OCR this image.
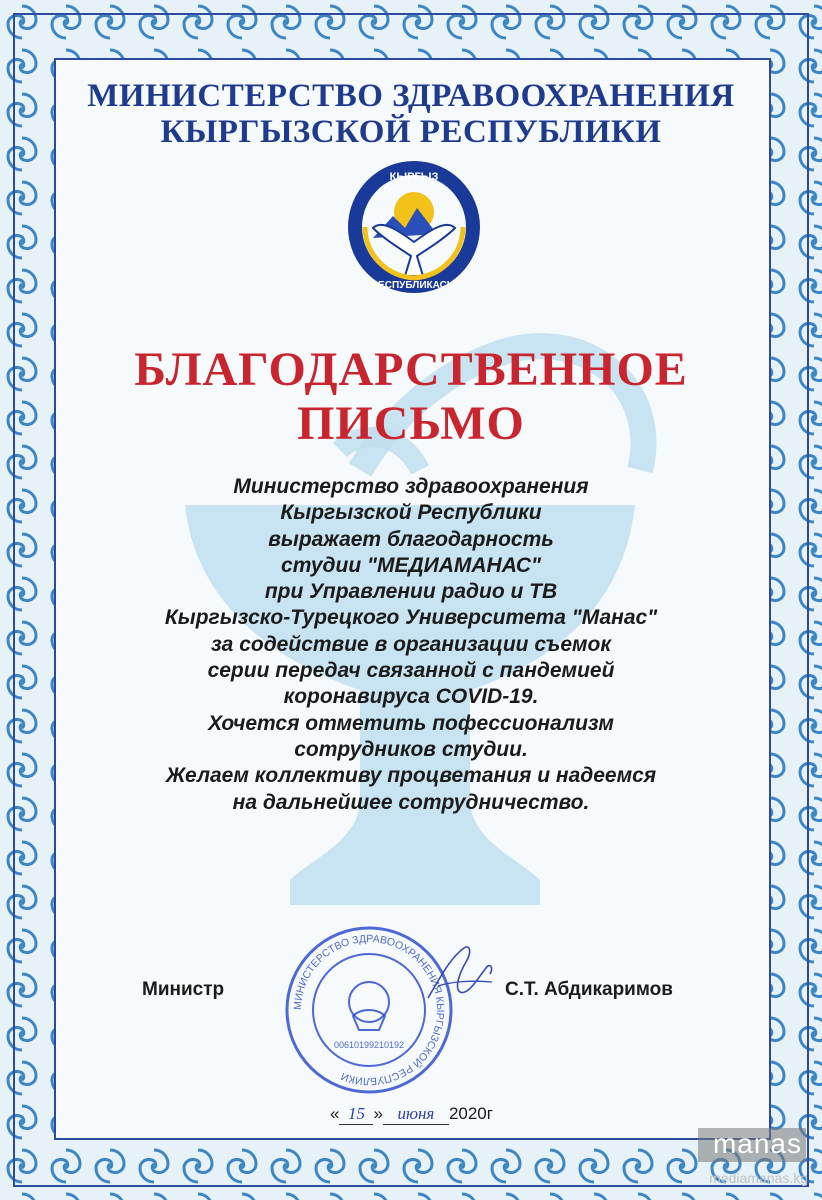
МИНИСТЕРСТВО ЗДРАВООХРАНЕНИЯ
КЫРГЫЗСКОЙ РЕСПУБЛИКИ
КЫРГЫЗ
РЕСПУБЛИКАСЫ
БЛАГОДАРСТВЕННОЕ
ПИСЬМО
Министерство здравоохранения
Кыргызской Республики
выражает благодарность
студии "МЕДИАМАНАС"
при Управлении радио и ТВ
Кыргызско-Турецкого Университета "Манас"
за содействие в организации съемок
серии передач связанной с пандемией
коронавируса COVID-19.
Хочется отметить пофессионализм
сотрудников студии.
Желаем коллективу процветания и надеемся
на дальнейшее сотрудничество.
Министр	С.Т. Абдикаримов
МИНИСТЕРСТВО ЗДРАВООХРАНЕНИЯ КЫРГЫЗСКОЙ РЕСПУБЛИКИ
00610199210192
« 15 » июня 2020г
manas
mediamanas.kg
